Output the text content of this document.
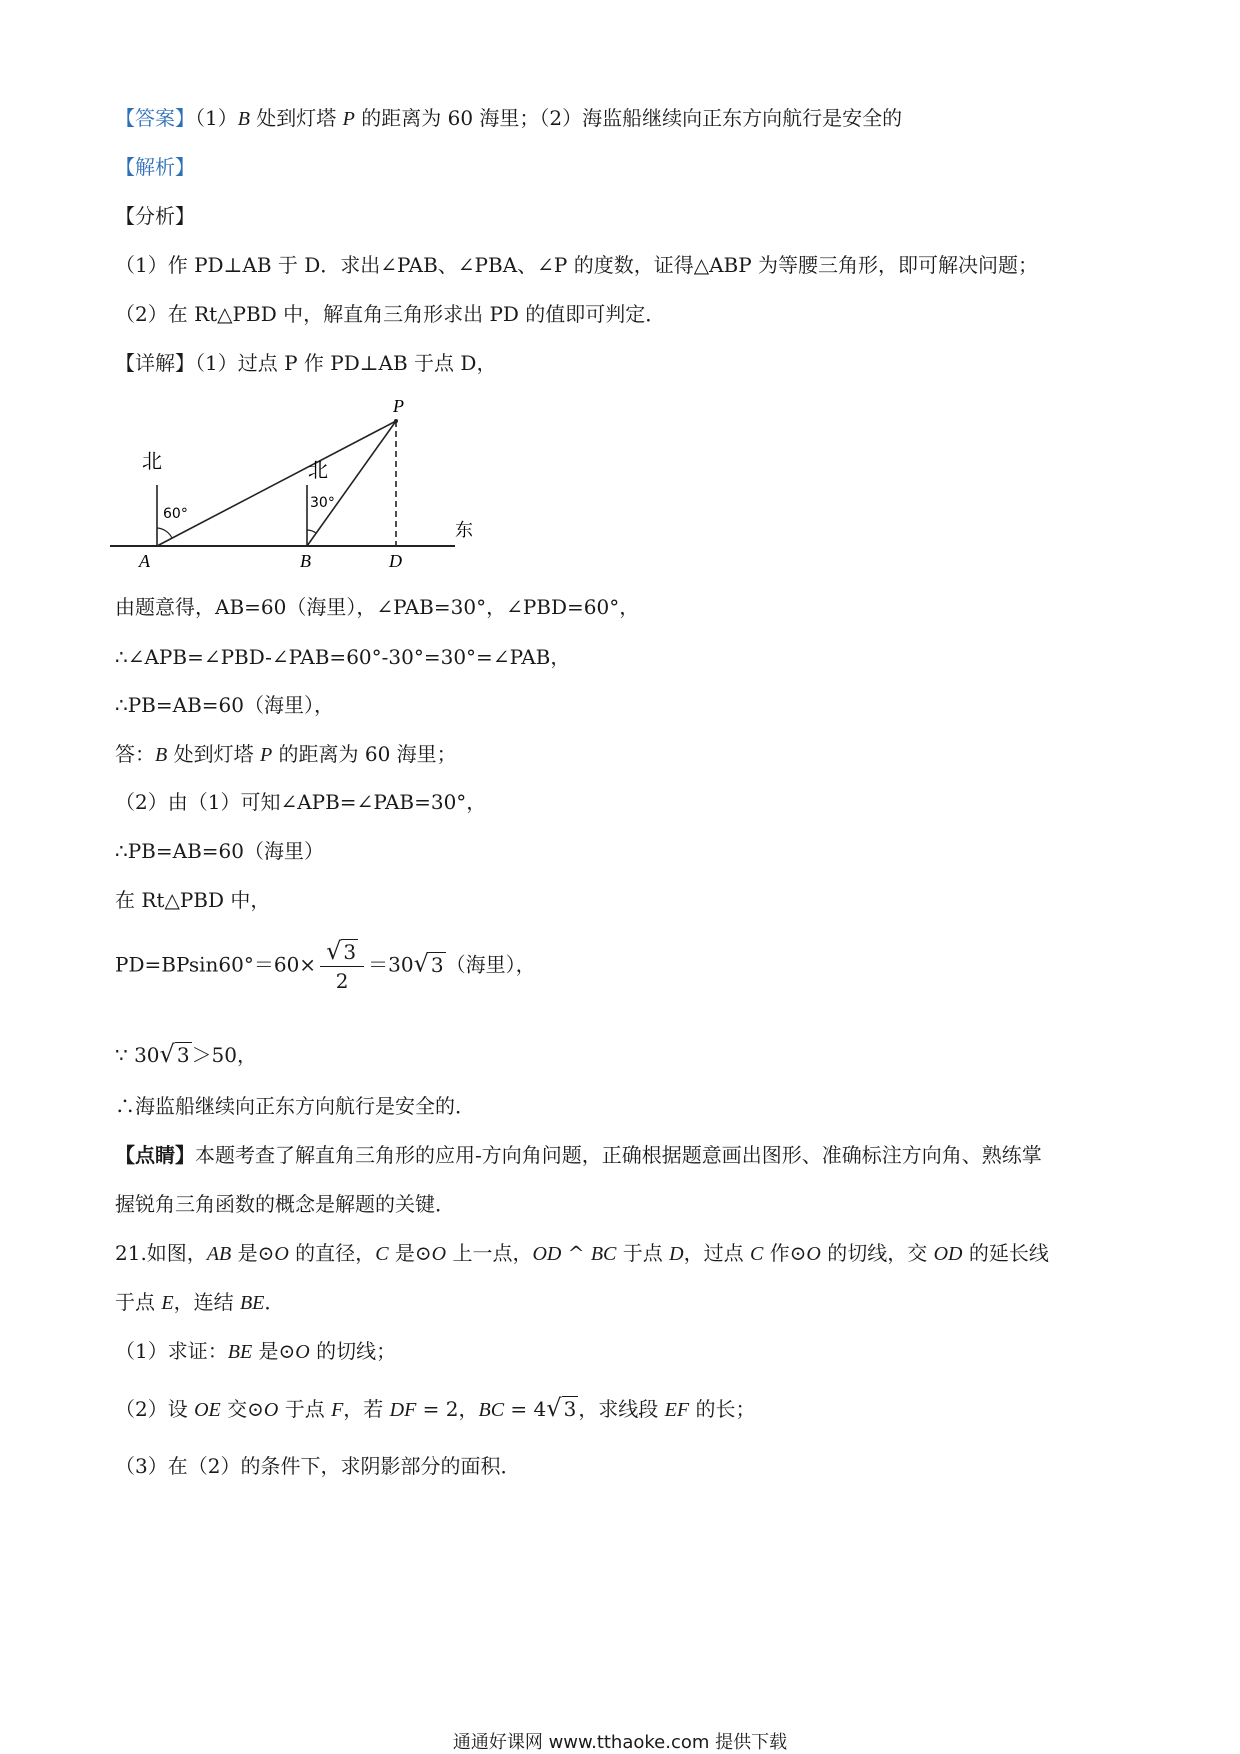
【答案】（1）B 处到灯塔 P 的距离为 60 海里；（2）海监船继续向正东方向航行是安全的
【解析】
【分析】
（1）作 PD⊥AB 于 D．求出∠PAB、∠PBA、∠P 的度数，证得△ABP 为等腰三角形，即可解决问题；
（2）在 Rt△PBD 中，解直角三角形求出 PD 的值即可判定．
【详解】（1）过点 P 作 PD⊥AB 于点 D，
北	北
60°
30°
东
A	B	D
P
由题意得，AB=60（海里），∠PAB=30°，∠PBD=60°，
∴∠APB=∠PBD-∠PAB=60°-30°=30°=∠PAB，
∴PB=AB=60（海里），
答：B 处到灯塔 P 的距离为 60 海里；
（2）由（1）可知∠APB=∠PAB=30°，
∴PB=AB=60（海里）
在 Rt△PBD 中，
$PD=BPsin60^\circ=60\times \frac{√ 3}{2} =30√$ 3 （海里），
∵ 30√ 3 ＞50，
∴海监船继续向正东方向航行是安全的．
【点睛】本题考查了解直角三角形的应用-方向角问题，正确根据题意画出图形、准确标注方向角、熟练掌
握锐角三角函数的概念是解题的关键．
21.如图，AB 是⊙O 的直径，C 是⊙O 上一点，OD ^ BC 于点 D，过点 C 作⊙O 的切线，交 OD 的延长线
于点 E，连结 BE．
（1）求证：BE 是⊙O 的切线；
（2）设 OE 交⊙O 于点 F，若 DF = 2，BC = 4√ 3 ，求线段 EF 的长；
（3）在（2）的条件下，求阴影部分的面积．
通通好课网 www.tthaoke.com 提供下载
